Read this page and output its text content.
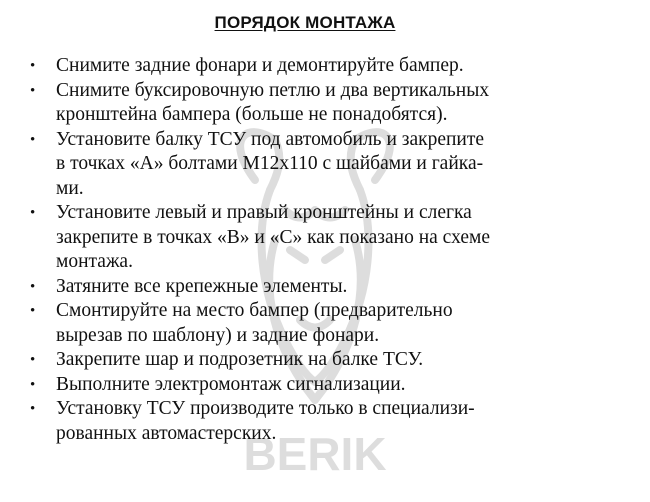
BERIK
ПОРЯДОК МОНТАЖА
• Снимите задние фонари и демонтируйте бампер.
• Снимите буксировочную петлю и два вертикальных
кронштейна бампера (больше не понадобятся).
• Установите балку ТСУ под автомобиль и закрепите
в точках «А» болтами М12х110 с шайбами и гайка-
ми.
• Установите левый и правый кронштейны и слегка
закрепите в точках «В» и «С» как показано на схеме
монтажа.
• Затяните все крепежные элементы.
• Смонтируйте на место бампер (предварительно
вырезав по шаблону) и задние фонари.
• Закрепите шар и подрозетник на балке ТСУ.
• Выполните электромонтаж сигнализации.
• Установку ТСУ производите только в специализи-
рованных автомастерских.
